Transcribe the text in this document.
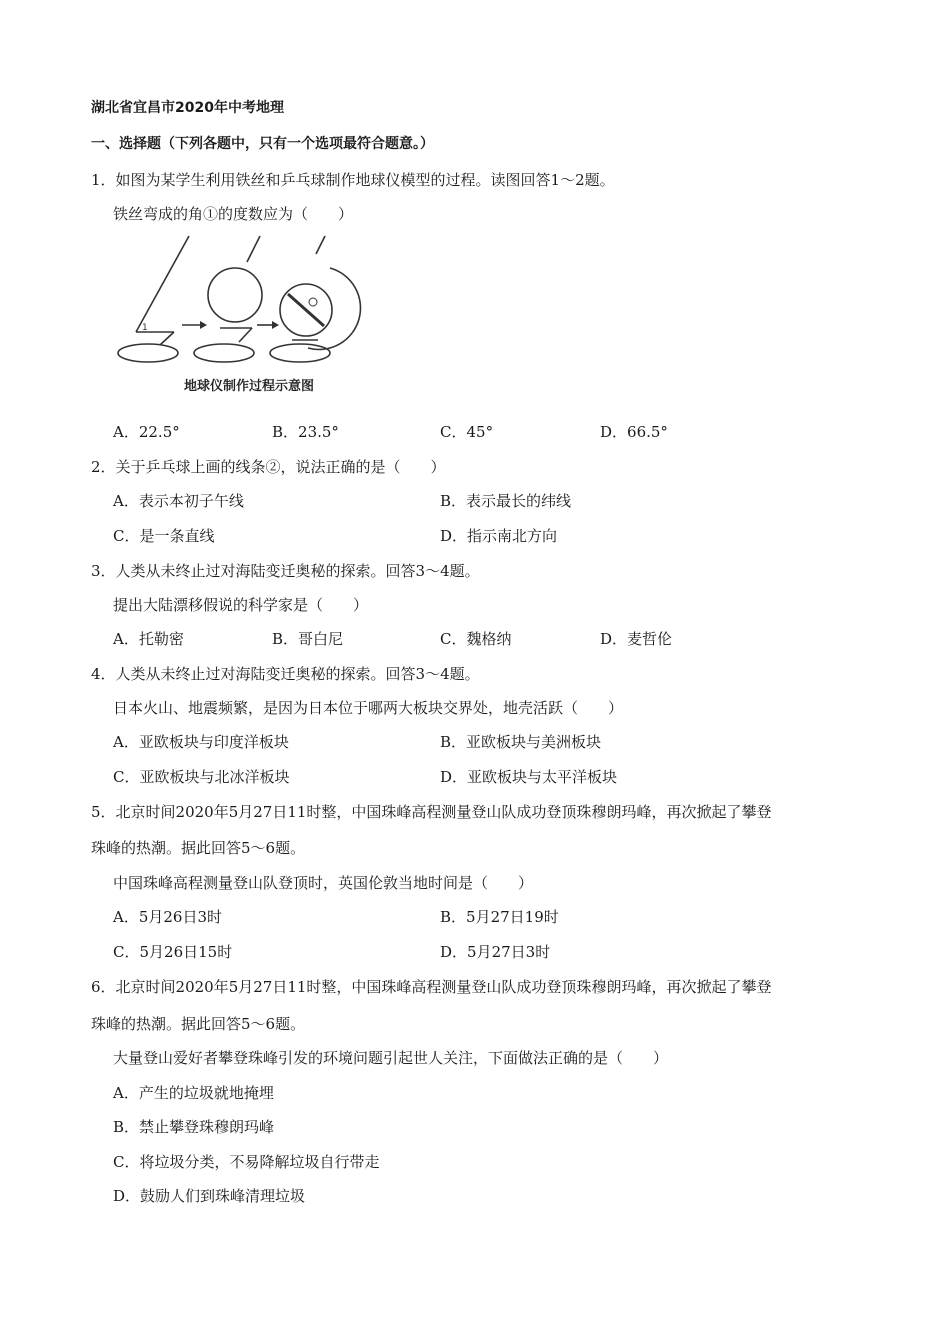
湖北省宜昌市2020年中考地理
一、选择题（下列各题中，只有一个选项最符合题意。）
1．如图为某学生利用铁丝和乒乓球制作地球仪模型的过程。读图回答1～2题。
铁丝弯成的角①的度数应为（　　）
1
地球仪制作过程示意图
A．22.5°	B．23.5°	C．45°	D．66.5°
2．关于乒乓球上画的线条②，说法正确的是（　　）
A．表示本初子午线	B．表示最长的纬线
C．是一条直线	D．指示南北方向
3．人类从未终止过对海陆变迁奥秘的探索。回答3～4题。
提出大陆漂移假说的科学家是（　　）
A．托勒密	B．哥白尼	C．魏格纳	D．麦哲伦
4．人类从未终止过对海陆变迁奥秘的探索。回答3～4题。
日本火山、地震频繁，是因为日本位于哪两大板块交界处，地壳活跃（　　）
A．亚欧板块与印度洋板块	B．亚欧板块与美洲板块
C．亚欧板块与北冰洋板块	D．亚欧板块与太平洋板块
5．北京时间2020年5月27日11时整，中国珠峰高程测量登山队成功登顶珠穆朗玛峰，再次掀起了攀登
珠峰的热潮。据此回答5～6题。
中国珠峰高程测量登山队登顶时，英国伦敦当地时间是（　　）
A．5月26日3时	B．5月27日19时
C．5月26日15时	D．5月27日3时
6．北京时间2020年5月27日11时整，中国珠峰高程测量登山队成功登顶珠穆朗玛峰，再次掀起了攀登
珠峰的热潮。据此回答5～6题。
大量登山爱好者攀登珠峰引发的环境问题引起世人关注，下面做法正确的是（　　）
A．产生的垃圾就地掩埋
B．禁止攀登珠穆朗玛峰
C．将垃圾分类，不易降解垃圾自行带走
D．鼓励人们到珠峰清理垃圾
